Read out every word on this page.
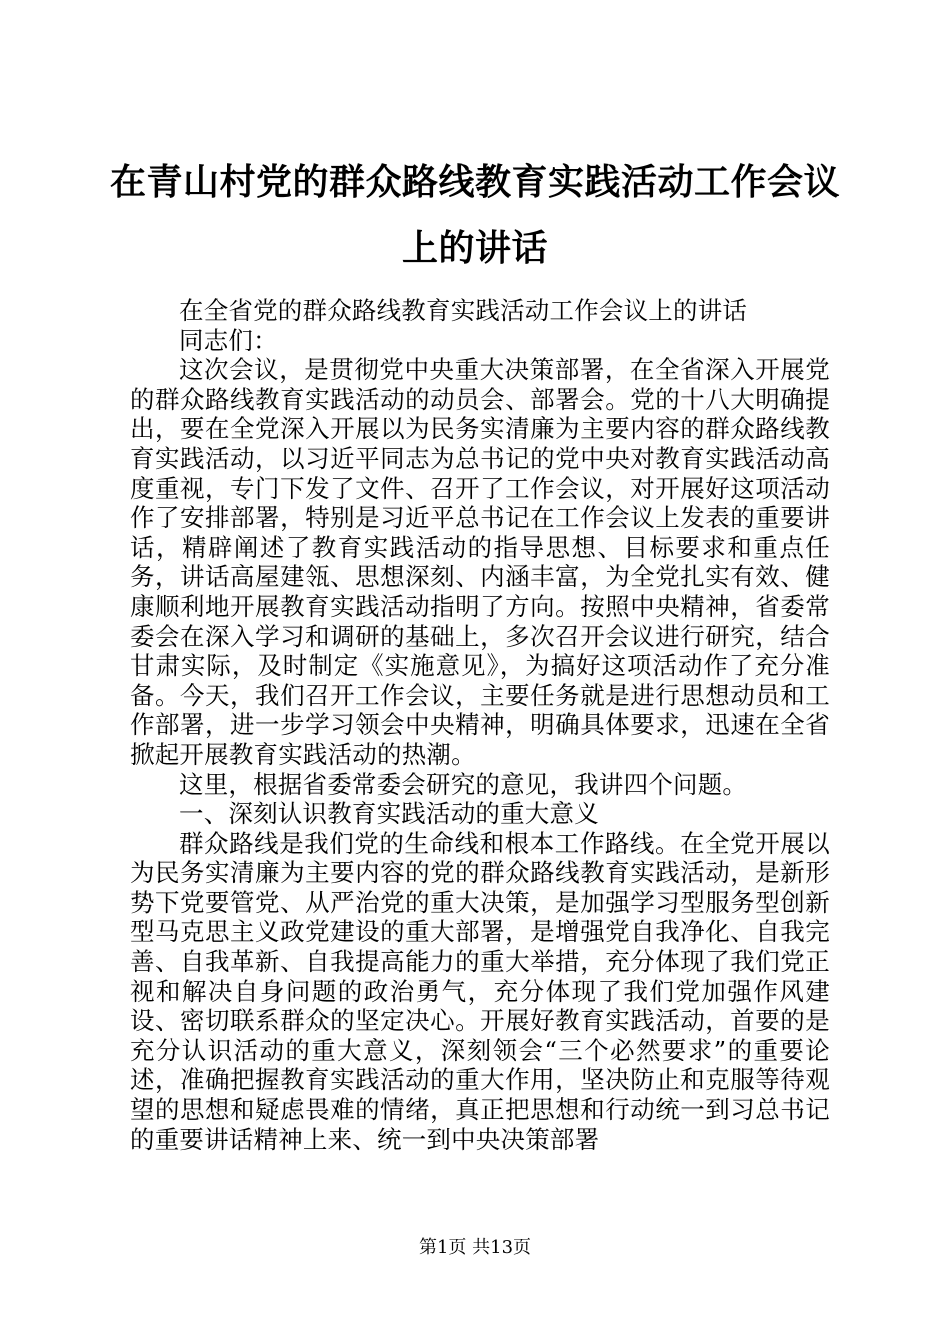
在青山村党的群众路线教育实践活动工作会议上的讲话

在全省党的群众路线教育实践活动工作会议上的讲话

同志们：

这次会议，是贯彻党中央重大决策部署，在全省深入开展党的群众路线教育实践活动的动员会、部署会。党的十八大明确提出，要在全党深入开展以为民务实清廉为主要内容的群众路线教育实践活动，以习近平同志为总书记的党中央对教育实践活动高度重视，专门下发了文件、召开了工作会议，对开展好这项活动作了安排部署，特别是习近平总书记在工作会议上发表的重要讲话，精辟阐述了教育实践活动的指导思想、目标要求和重点任务，讲话高屋建瓴、思想深刻、内涵丰富，为全党扎实有效、健康顺利地开展教育实践活动指明了方向。按照中央精神，省委常委会在深入学习和调研的基础上，多次召开会议进行研究，结合甘肃实际，及时制定《实施意见》，为搞好这项活动作了充分准备。今天，我们召开工作会议，主要任务就是进行思想动员和工作部署，进一步学习领会中央精神，明确具体要求，迅速在全省掀起开展教育实践活动的热潮。

这里，根据省委常委会研究的意见，我讲四个问题。

一、深刻认识教育实践活动的重大意义

群众路线是我们党的生命线和根本工作路线。在全党开展以为民务实清廉为主要内容的党的群众路线教育实践活动，是新形势下党要管党、从严治党的重大决策，是加强学习型服务型创新型马克思主义政党建设的重大部署，是增强党自我净化、自我完善、自我革新、自我提高能力的重大举措，充分体现了我们党正视和解决自身问题的政治勇气，充分体现了我们党加强作风建设、密切联系群众的坚定决心。开展好教育实践活动，首要的是充分认识活动的重大意义，深刻领会“三个必然要求”的重要论述，准确把握教育实践活动的重大作用，坚决防止和克服等待观望的思想和疑虑畏难的情绪，真正把思想和行动统一到习总书记的重要讲话精神上来、统一到中央决策部署

第1页 共13页
